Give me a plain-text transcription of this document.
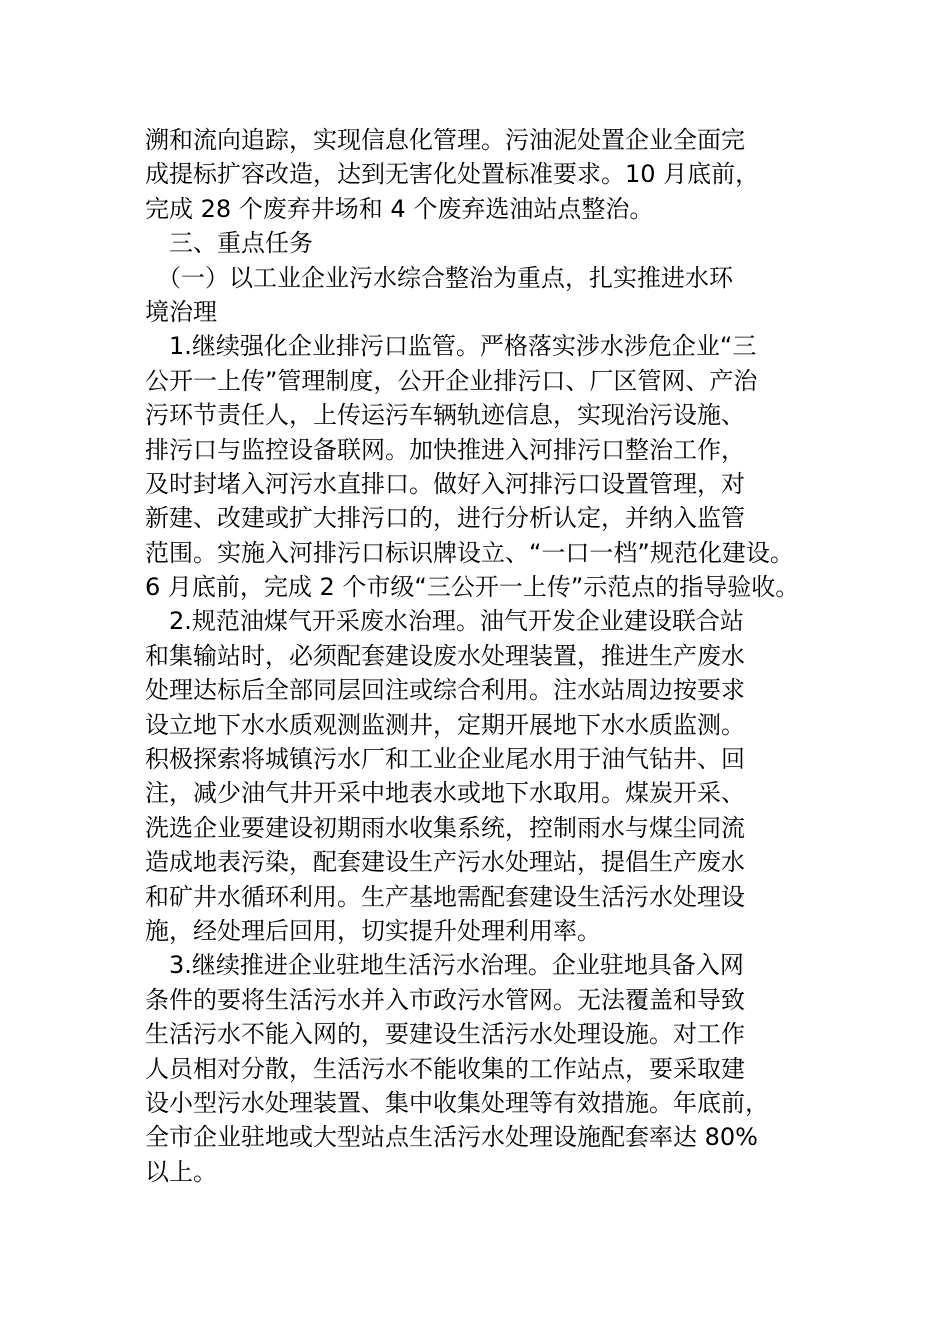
溯和流向追踪，实现信息化管理。污油泥处置企业全面完
成提标扩容改造，达到无害化处置标准要求。10 月底前，
完成 28 个废弃井场和 4 个废弃选油站点整治。
　三、重点任务
　（一）以工业企业污水综合整治为重点，扎实推进水环
境治理
　1.继续强化企业排污口监管。严格落实涉水涉危企业“三
公开一上传”管理制度，公开企业排污口、厂区管网、产治
污环节责任人，上传运污车辆轨迹信息，实现治污设施、
排污口与监控设备联网。加快推进入河排污口整治工作，
及时封堵入河污水直排口。做好入河排污口设置管理，对
新建、改建或扩大排污口的，进行分析认定，并纳入监管
范围。实施入河排污口标识牌设立、“一口一档”规范化建设。
6 月底前，完成 2 个市级“三公开一上传”示范点的指导验收。
　2.规范油煤气开采废水治理。油气开发企业建设联合站
和集输站时，必须配套建设废水处理装置，推进生产废水
处理达标后全部同层回注或综合利用。注水站周边按要求
设立地下水水质观测监测井，定期开展地下水水质监测。
积极探索将城镇污水厂和工业企业尾水用于油气钻井、回
注，减少油气井开采中地表水或地下水取用。煤炭开采、
洗选企业要建设初期雨水收集系统，控制雨水与煤尘同流
造成地表污染，配套建设生产污水处理站，提倡生产废水
和矿井水循环利用。生产基地需配套建设生活污水处理设
施，经处理后回用，切实提升处理利用率。
　3.继续推进企业驻地生活污水治理。企业驻地具备入网
条件的要将生活污水并入市政污水管网。无法覆盖和导致
生活污水不能入网的，要建设生活污水处理设施。对工作
人员相对分散，生活污水不能收集的工作站点，要采取建
设小型污水处理装置、集中收集处理等有效措施。年底前，
全市企业驻地或大型站点生活污水处理设施配套率达 80%
以上。
